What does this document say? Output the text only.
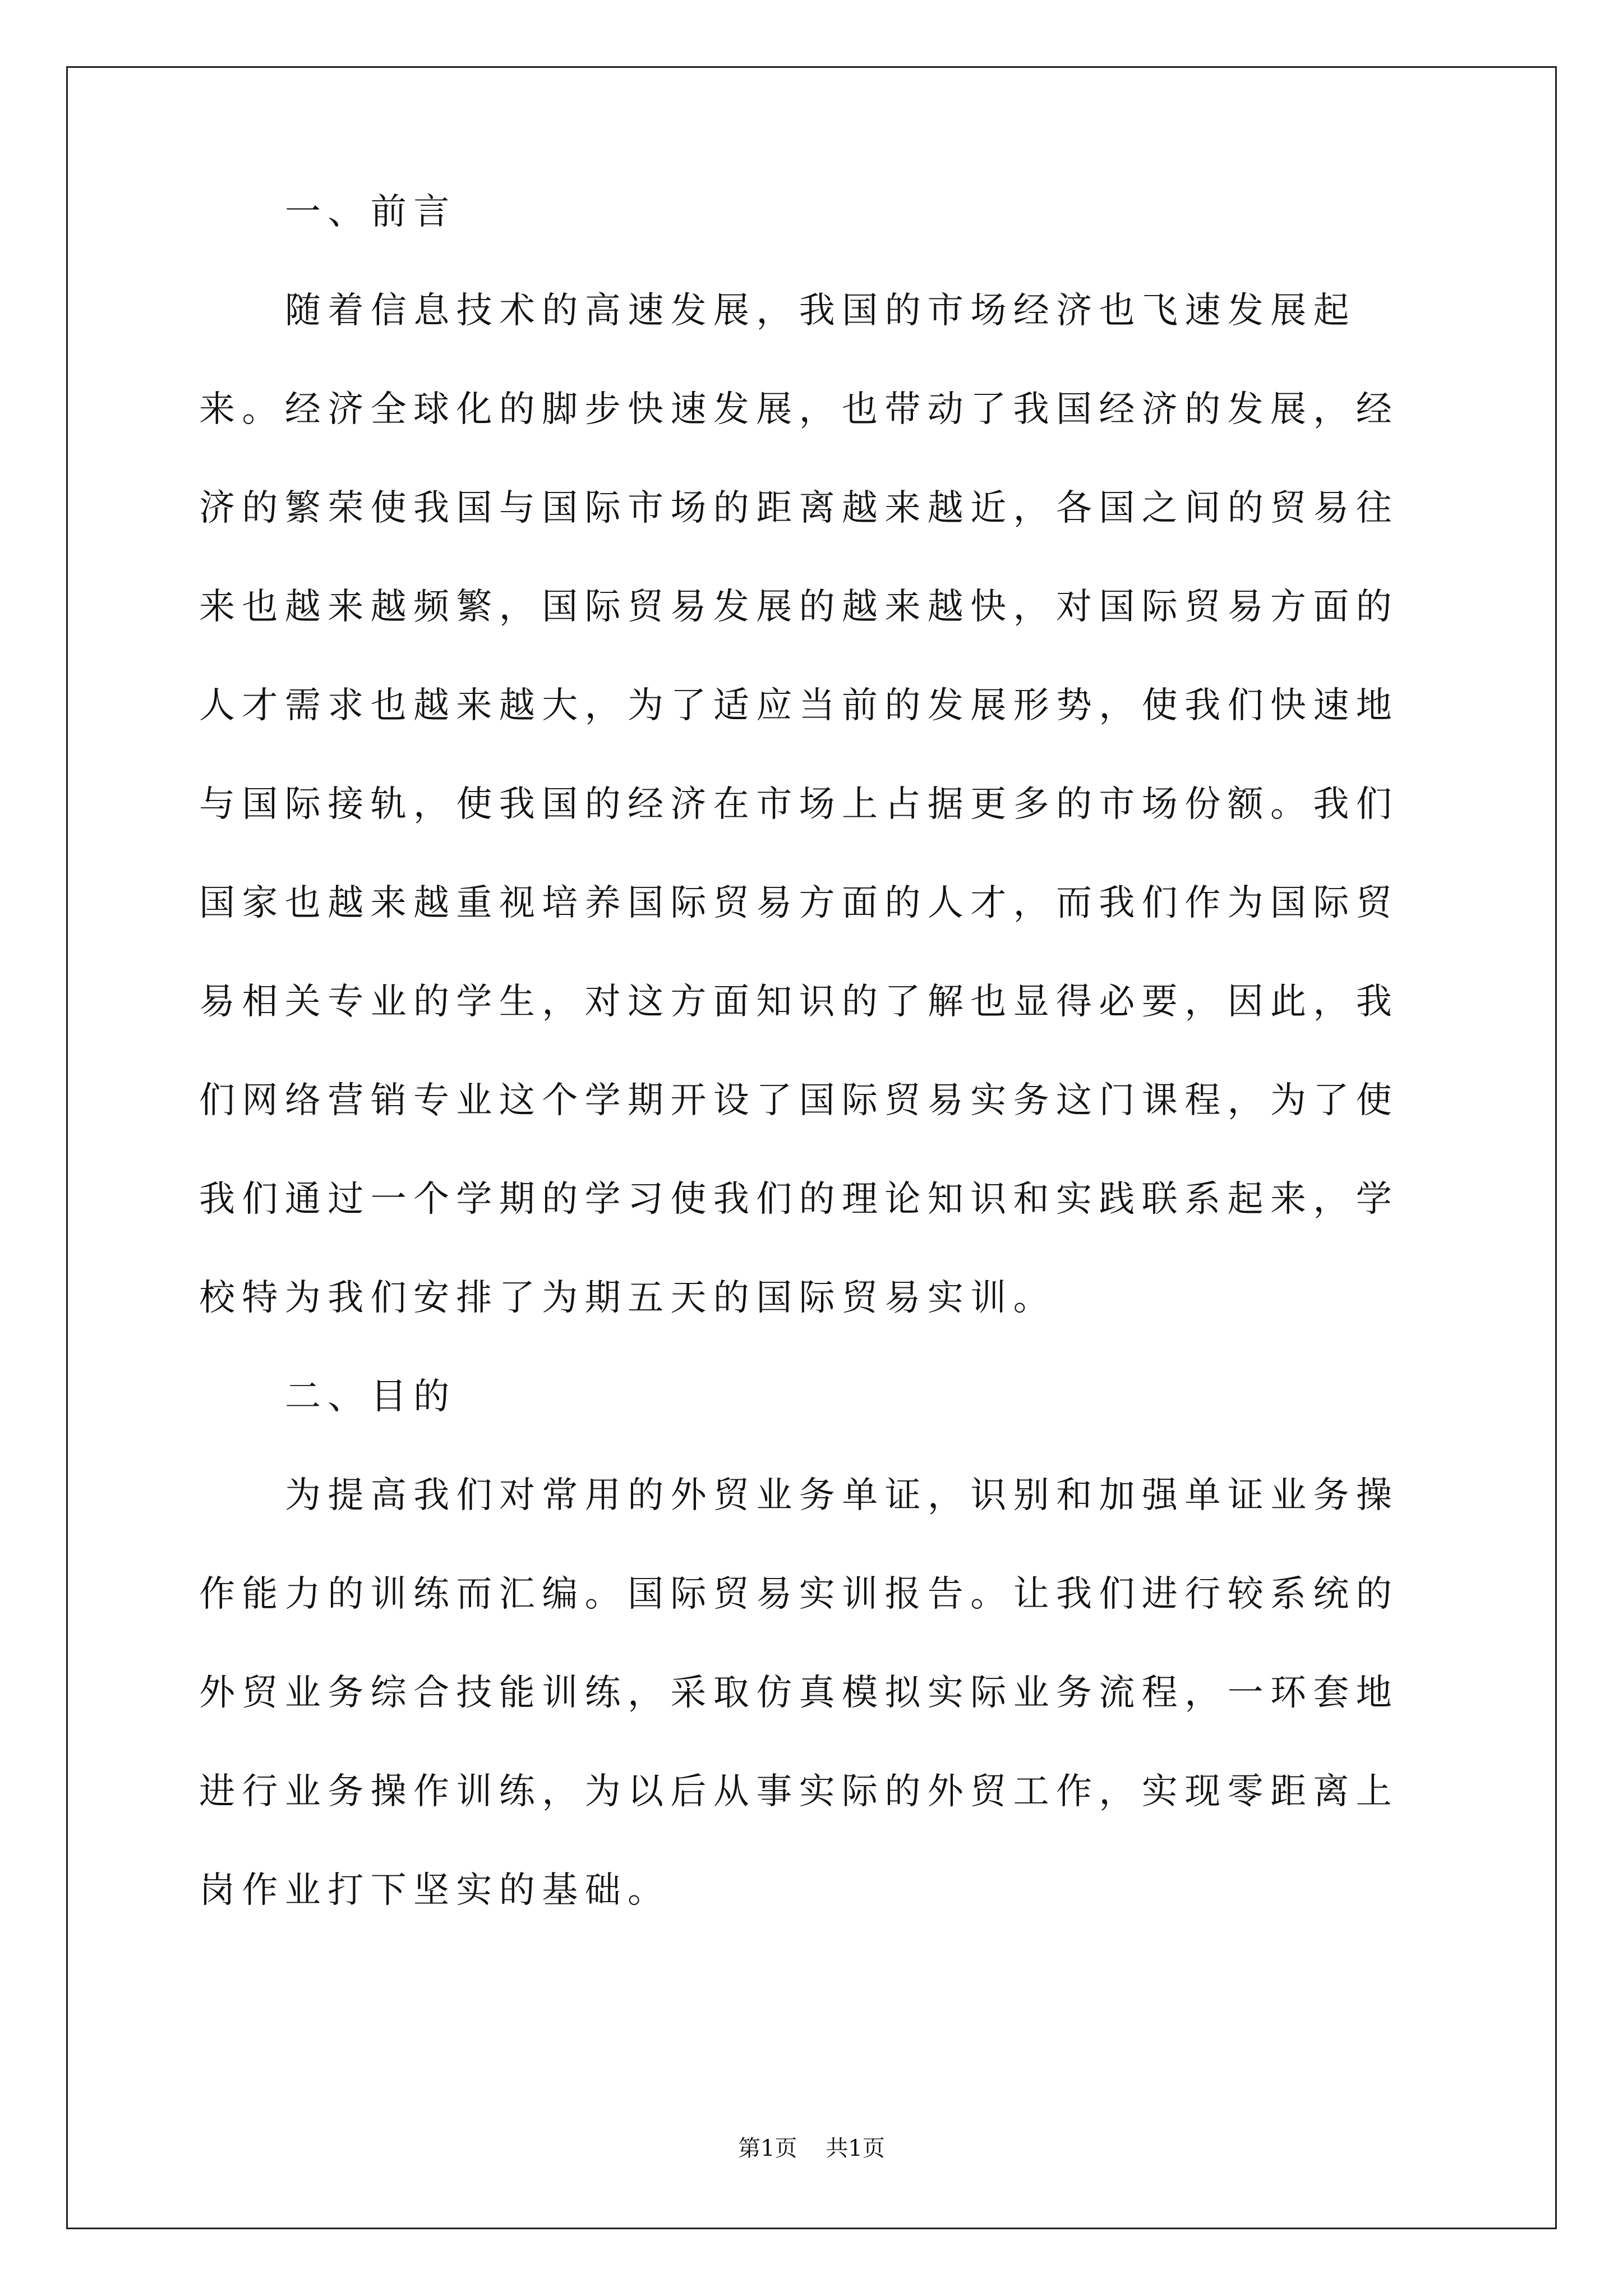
一、前言

随着信息技术的高速发展，我国的市场经济也飞速发展起来。经济全球化的脚步快速发展，也带动了我国经济的发展，经济的繁荣使我国与国际市场的距离越来越近，各国之间的贸易往来也越来越频繁，国际贸易发展的越来越快，对国际贸易方面的人才需求也越来越大，为了适应当前的发展形势，使我们快速地与国际接轨，使我国的经济在市场上占据更多的市场份额。我们国家也越来越重视培养国际贸易方面的人才，而我们作为国际贸易相关专业的学生，对这方面知识的了解也显得必要，因此，我们网络营销专业这个学期开设了国际贸易实务这门课程，为了使我们通过一个学期的学习使我们的理论知识和实践联系起来，学校特为我们安排了为期五天的国际贸易实训。

二、目的

为提高我们对常用的外贸业务单证，识别和加强单证业务操作能力的训练而汇编。国际贸易实训报告。让我们进行较系统的外贸业务综合技能训练，采取仿真模拟实际业务流程，一环套地进行业务操作训练，为以后从事实际的外贸工作，实现零距离上岗作业打下坚实的基础。

第1页 共1页
